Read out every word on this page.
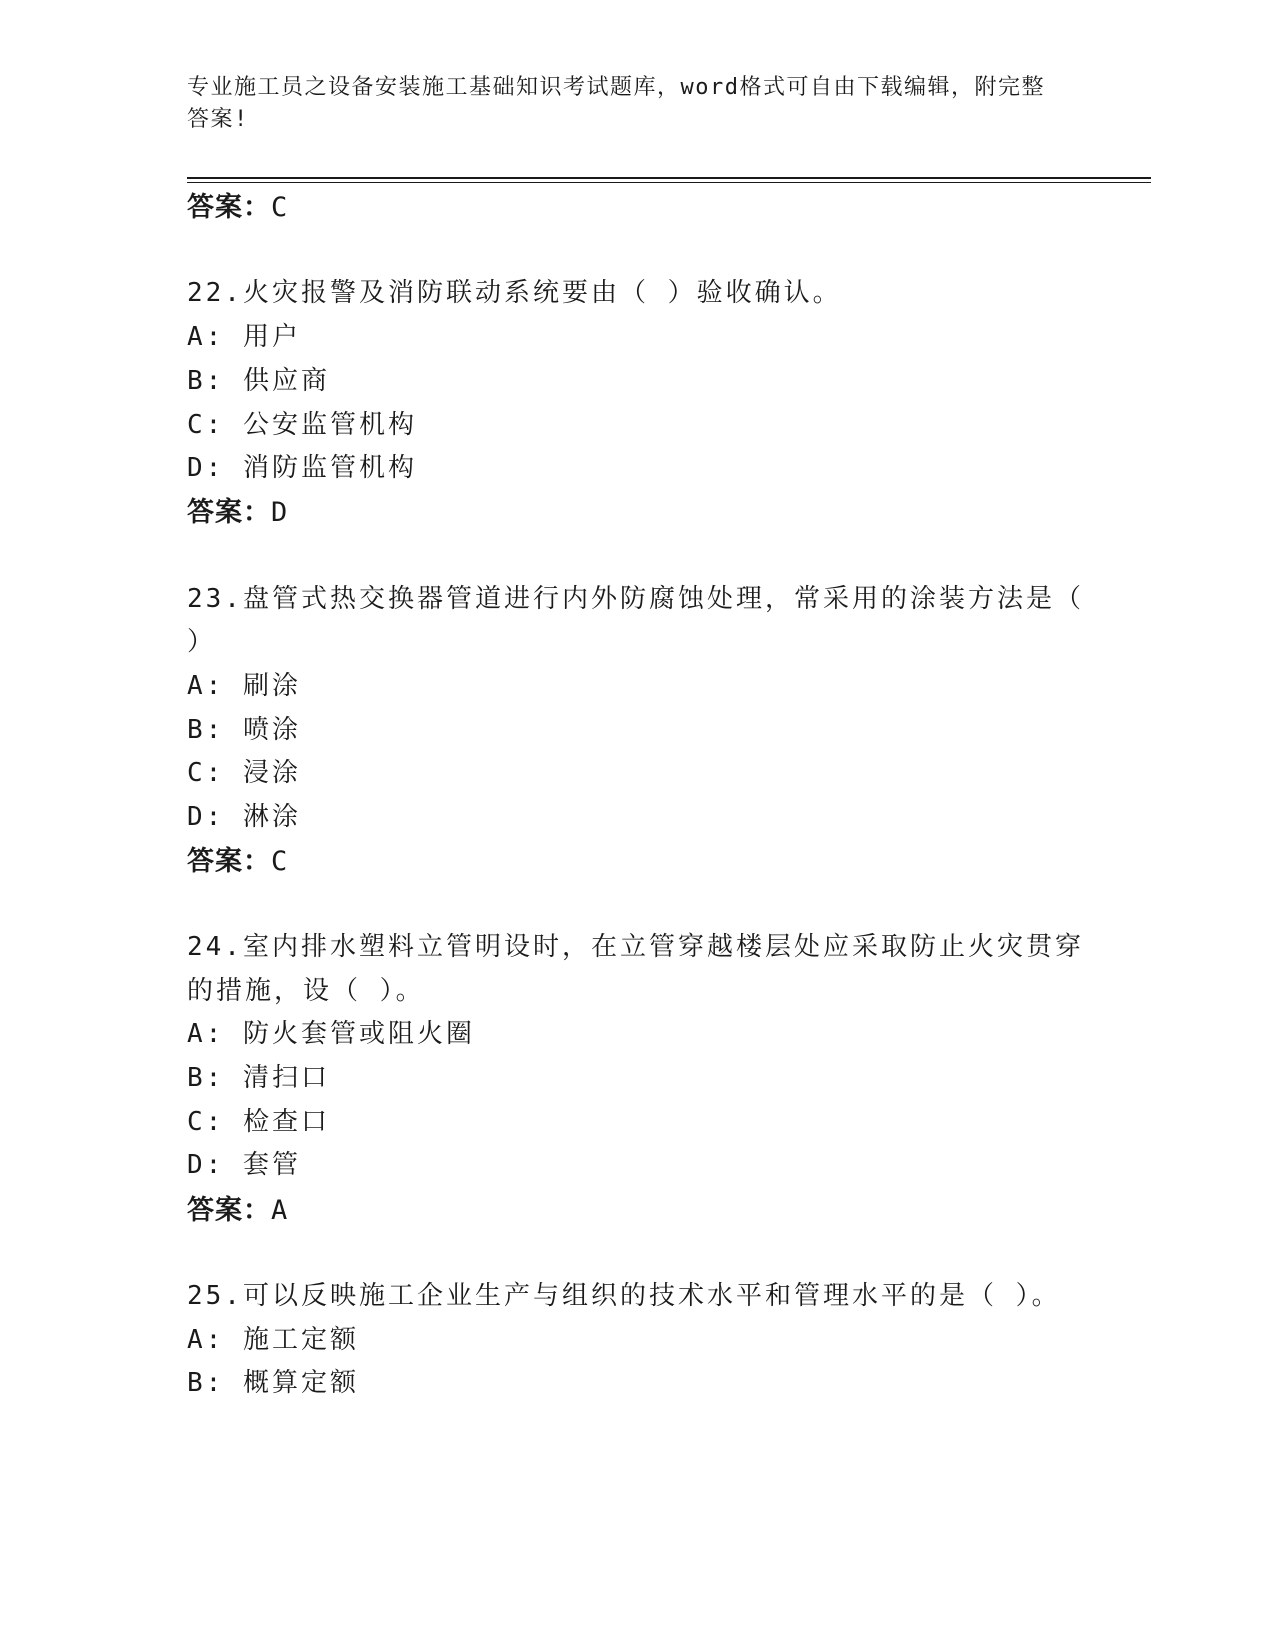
专业施工员之设备安装施工基础知识考试题库，word格式可自由下载编辑，附完整答案!
答案：C
22.火灾报警及消防联动系统要由（ ）验收确认。
A: 用户
B: 供应商
C: 公安监管机构
D: 消防监管机构
答案：D
23.盘管式热交换器管道进行内外防腐蚀处理，常采用的涂装方法是（
）
A: 刷涂
B: 喷涂
C: 浸涂
D: 淋涂
答案：C
24.室内排水塑料立管明设时，在立管穿越楼层处应采取防止火灾贯穿
的措施，设（ ）。
A: 防火套管或阻火圈
B: 清扫口
C: 检查口
D: 套管
答案：A
25.可以反映施工企业生产与组织的技术水平和管理水平的是（ ）。
A: 施工定额
B: 概算定额
